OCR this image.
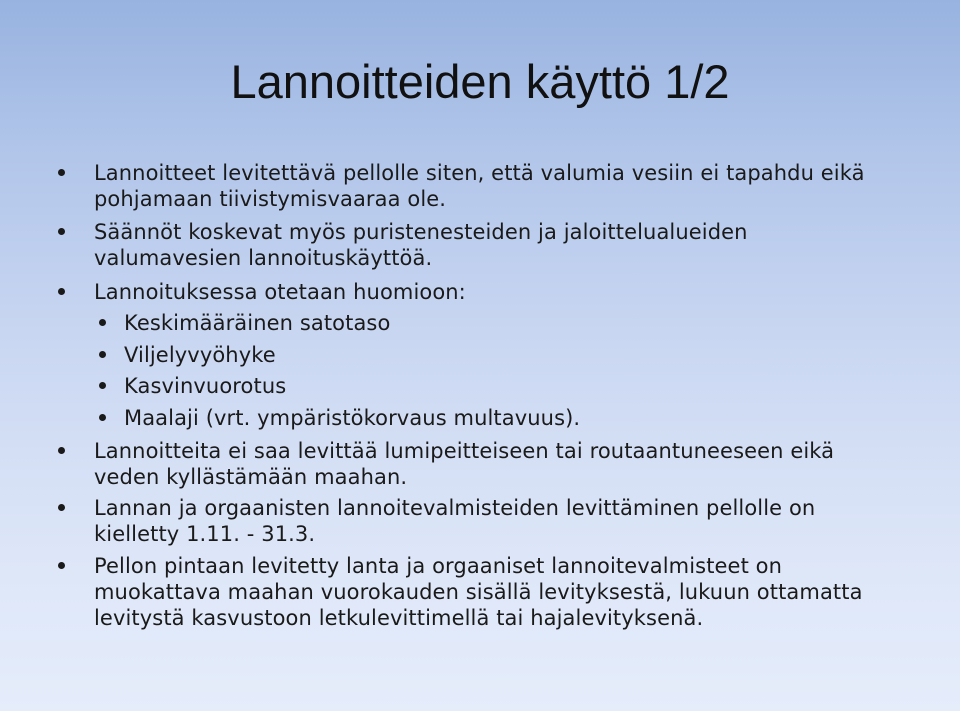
Lannoitteiden käyttö 1/2
Lannoitteet levitettävä pellolle siten, että valumia vesiin ei tapahdu eikä
pohjamaan tiivistymisvaaraa ole.
Säännöt koskevat myös puristenesteiden ja jaloittelualueiden
valumavesien lannoituskäyttöä.
Lannoituksessa otetaan huomioon:
Keskimääräinen satotaso
Viljelyvyöhyke
Kasvinvuorotus
Maalaji (vrt. ympäristökorvaus multavuus).
Lannoitteita ei saa levittää lumipeitteiseen tai routaantuneeseen eikä
veden kyllästämään maahan.
Lannan ja orgaanisten lannoitevalmisteiden levittäminen pellolle on
kielletty 1.11. - 31.3.
Pellon pintaan levitetty lanta ja orgaaniset lannoitevalmisteet on
muokattava maahan vuorokauden sisällä levityksestä, lukuun ottamatta
levitystä kasvustoon letkulevittimellä tai hajalevityksenä.
